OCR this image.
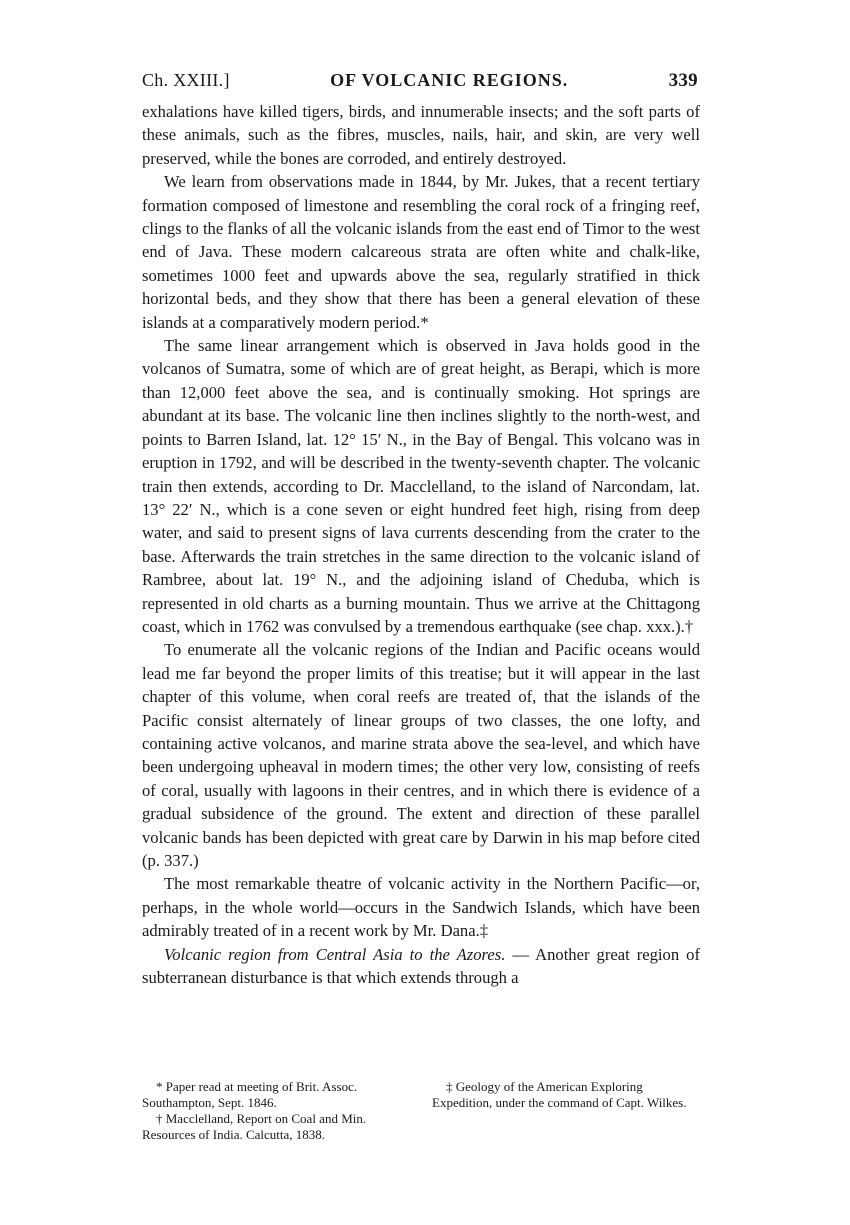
Ch. XXIII.]	OF VOLCANIC REGIONS.	339

exhalations have killed tigers, birds, and innumerable insects; and the soft parts of these animals, such as the fibres, muscles, nails, hair, and skin, are very well preserved, while the bones are corroded, and entirely destroyed.

We learn from observations made in 1844, by Mr. Jukes, that a recent tertiary formation composed of limestone and resembling the coral rock of a fringing reef, clings to the flanks of all the volcanic islands from the east end of Timor to the west end of Java. These modern calcareous strata are often white and chalk-like, sometimes 1000 feet and upwards above the sea, regularly stratified in thick horizontal beds, and they show that there has been a general elevation of these islands at a comparatively modern period.*

The same linear arrangement which is observed in Java holds good in the volcanos of Sumatra, some of which are of great height, as Berapi, which is more than 12,000 feet above the sea, and is continually smoking. Hot springs are abundant at its base. The volcanic line then inclines slightly to the north-west, and points to Barren Island, lat. 12° 15′ N., in the Bay of Bengal. This volcano was in eruption in 1792, and will be described in the twenty-seventh chapter. The volcanic train then extends, according to Dr. Macclelland, to the island of Narcondam, lat. 13° 22′ N., which is a cone seven or eight hundred feet high, rising from deep water, and said to present signs of lava currents descending from the crater to the base. Afterwards the train stretches in the same direction to the volcanic island of Rambree, about lat. 19° N., and the adjoining island of Cheduba, which is represented in old charts as a burning mountain. Thus we arrive at the Chittagong coast, which in 1762 was convulsed by a tremendous earthquake (see chap. xxx.).†

To enumerate all the volcanic regions of the Indian and Pacific oceans would lead me far beyond the proper limits of this treatise; but it will appear in the last chapter of this volume, when coral reefs are treated of, that the islands of the Pacific consist alternately of linear groups of two classes, the one lofty, and containing active volcanos, and marine strata above the sea-level, and which have been undergoing upheaval in modern times; the other very low, consisting of reefs of coral, usually with lagoons in their centres, and in which there is evidence of a gradual subsidence of the ground. The extent and direction of these parallel volcanic bands has been depicted with great care by Darwin in his map before cited (p. 337.)

The most remarkable theatre of volcanic activity in the Northern Pacific—or, perhaps, in the whole world—occurs in the Sandwich Islands, which have been admirably treated of in a recent work by Mr. Dana.‡

Volcanic region from Central Asia to the Azores. — Another great region of subterranean disturbance is that which extends through a

* Paper read at meeting of Brit. Assoc. Southampton, Sept. 1846.

† Macclelland, Report on Coal and Min. Resources of India. Calcutta, 1838.

‡ Geology of the American Exploring Expedition, under the command of Capt. Wilkes.
